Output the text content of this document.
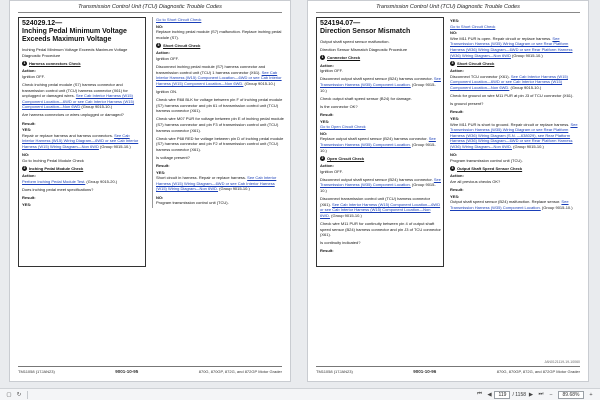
Transmission Control Unit (TCU) Diagnostic Trouble Codes
524029.12—
Inching Pedal Minimum Voltage Exceeds Maximum Voltage
Inching Pedal Minimum Voltage Exceeds Maximum Voltage Diagnostic Procedure
1 Harness connectors Check
Action:
Ignition OFF.
Check inching pedal module (S7) harness connector and transmission control unit (TCU) harness connector (X61) for unplugged or damaged wires. See Cab Interior Harness (W15) Component Location—6WD or see Cab Interior Harness (W15) Component Location—Non 6WD (Group 9015-10.)
Are harness connectors or wires unplugged or damaged?
Result:
YES:
Repair or replace harness and harness connectors. See Cab Interior Harness (W15) Wiring Diagram—6WD or see Cab Interior Harness (W15) Wiring Diagram—Non 6WD (Group 9015-10.)
NO:
Go to Inching Pedal Module Check
2 Inching Pedal Module Check
Action:
Perform Inching Pedal Module Test. (Group 9015-20.)
Does inching pedal meet specifications?
Result:
YES:
Go to Short Circuit Check
NO:
Replace inching pedal module (S7) malfunction. Replace inching pedal module (S7).
3 Short Circuit Check
Action:
Ignition OFF.
Disconnect inching pedal module (S7) harness connector and transmission control unit (TCU) 1 harness connector (X61). See Cab Interior Harness (W15) Component Location—6WD or see Cab Interior Harness (W15) Component Location—Non 6WD. (Group 9015-10.)
Ignition ON.
Check wire R68 BLK for voltage between pin F of inching pedal module (S7) harness connector and pin 61 of transmission control unit (TCU) harness connector (X61).
Check wire M07 PUR for voltage between pin E of inching pedal module (S7) harness connector and pin F3 of transmission control unit (TCU) harness connector (X61).
Check wire P68 RED for voltage between pin D of inching pedal module (S7) harness connector and pin F2 of transmission control unit (TCU) harness connector (X61).
Is voltage present?
Result:
YES:
Short circuit in harness. Repair or replace harness. See Cab Interior Harness (W15) Wiring Diagram—6WD or see Cab Interior Harness (W15) Wiring Diagram—Non 6WD. (Group 9015-10.)
NO:
Program transmission control unit (TCU).
TM11058 (17JAN23)	9001-10-95	870G, 870GP, 872G, and 872GP Motor Grader
Transmission Control Unit (TCU) Diagnostic Trouble Codes
524194.07—
Direction Sensor Mismatch
Output shaft speed sensor malfunction.
Direction Sensor Mismatch Diagnostic Procedure
1 Connector Check
Action:
Ignition OFF.
Disconnect output shaft speed sensor (B24) harness connector. See Transmission Harness (W35) Component Location. (Group 9015-10.)
Check output shaft speed sensor (B24) for damage.
Is the connector OK?
Result:
YES:
Go to Open Circuit Check
NO:
Replace output shaft speed sensor (B24) harness connector. See Transmission Harness (W35) Component Location. (Group 9015-10.)
2 Open Circuit Check
Action:
Ignition OFF.
Disconnect output shaft speed sensor (B24) harness connector. See Transmission Harness (W35) Component Location. (Group 9015-10.)
Disconnect transmission control unit (TCU) harness connector (X61). See Cab Interior Harness (W15) Component Location—6WD or see Cab Interior Harness (W15) Component Location—Non 6WD. (Group 9015-10.)
Check wire M11 PUR for continuity between pin 4 of output shaft speed sensor (B24) harness connector and pin J3 of TCU connector (X61).
Is continuity indicated?
Result:
YES:
Go to Short Circuit Check
NO:
Wire M11 PUR is open. Repair circuit or replace harness. See Transmission Harness (W35) Wiring Diagram or see Rear Platform Harness (W36) Wiring Diagram—6WD or see Rear Platform Harness (W36) Wiring Diagram—Non 6WD (Group 9015-10.)
3 Short Circuit Check
Action:
Disconnect TCU connector (X61). See Cab Interior Harness (W15) Component Location—6WD or see Cab Interior Harness (W15) Component Location—Non 6WD. (Group 9015-10.)
Check for ground on wire M11 PUR at pin J3 of TCU connector (X61).
Is ground present?
Result:
YES:
Wire M11 PUR is short to ground. Repair circuit or replace harness. See Transmission Harness (W35) Wiring Diagram or see Rear Platform Harness (W36) Wiring Diagram (S.N. —638029), see Rear Platform Harness (W36) Wiring Diagram—6WD or see Rear Platform Harness (W36) Wiring Diagram—Non 6WD. (Group 9015-10.)
NO:
Program transmission control unit (TCU).
4 Output Shaft Speed Sensor Check
Action:
Are all previous checks OK?
Result:
YES:
Output shaft speed sensor (B24) malfunction. Replace sensor. See Transmission Harness (W35) Component Location. (Group 9015-10.)
JAN0121119-19-10060
TM11058 (17JAN23)	9001-10-96	870G, 870GP, 872G, and 872GP Motor Grader
▢ ↻	⏮ ◀
119	/ 1158 ▶ ⏭	−	89.68%	+
